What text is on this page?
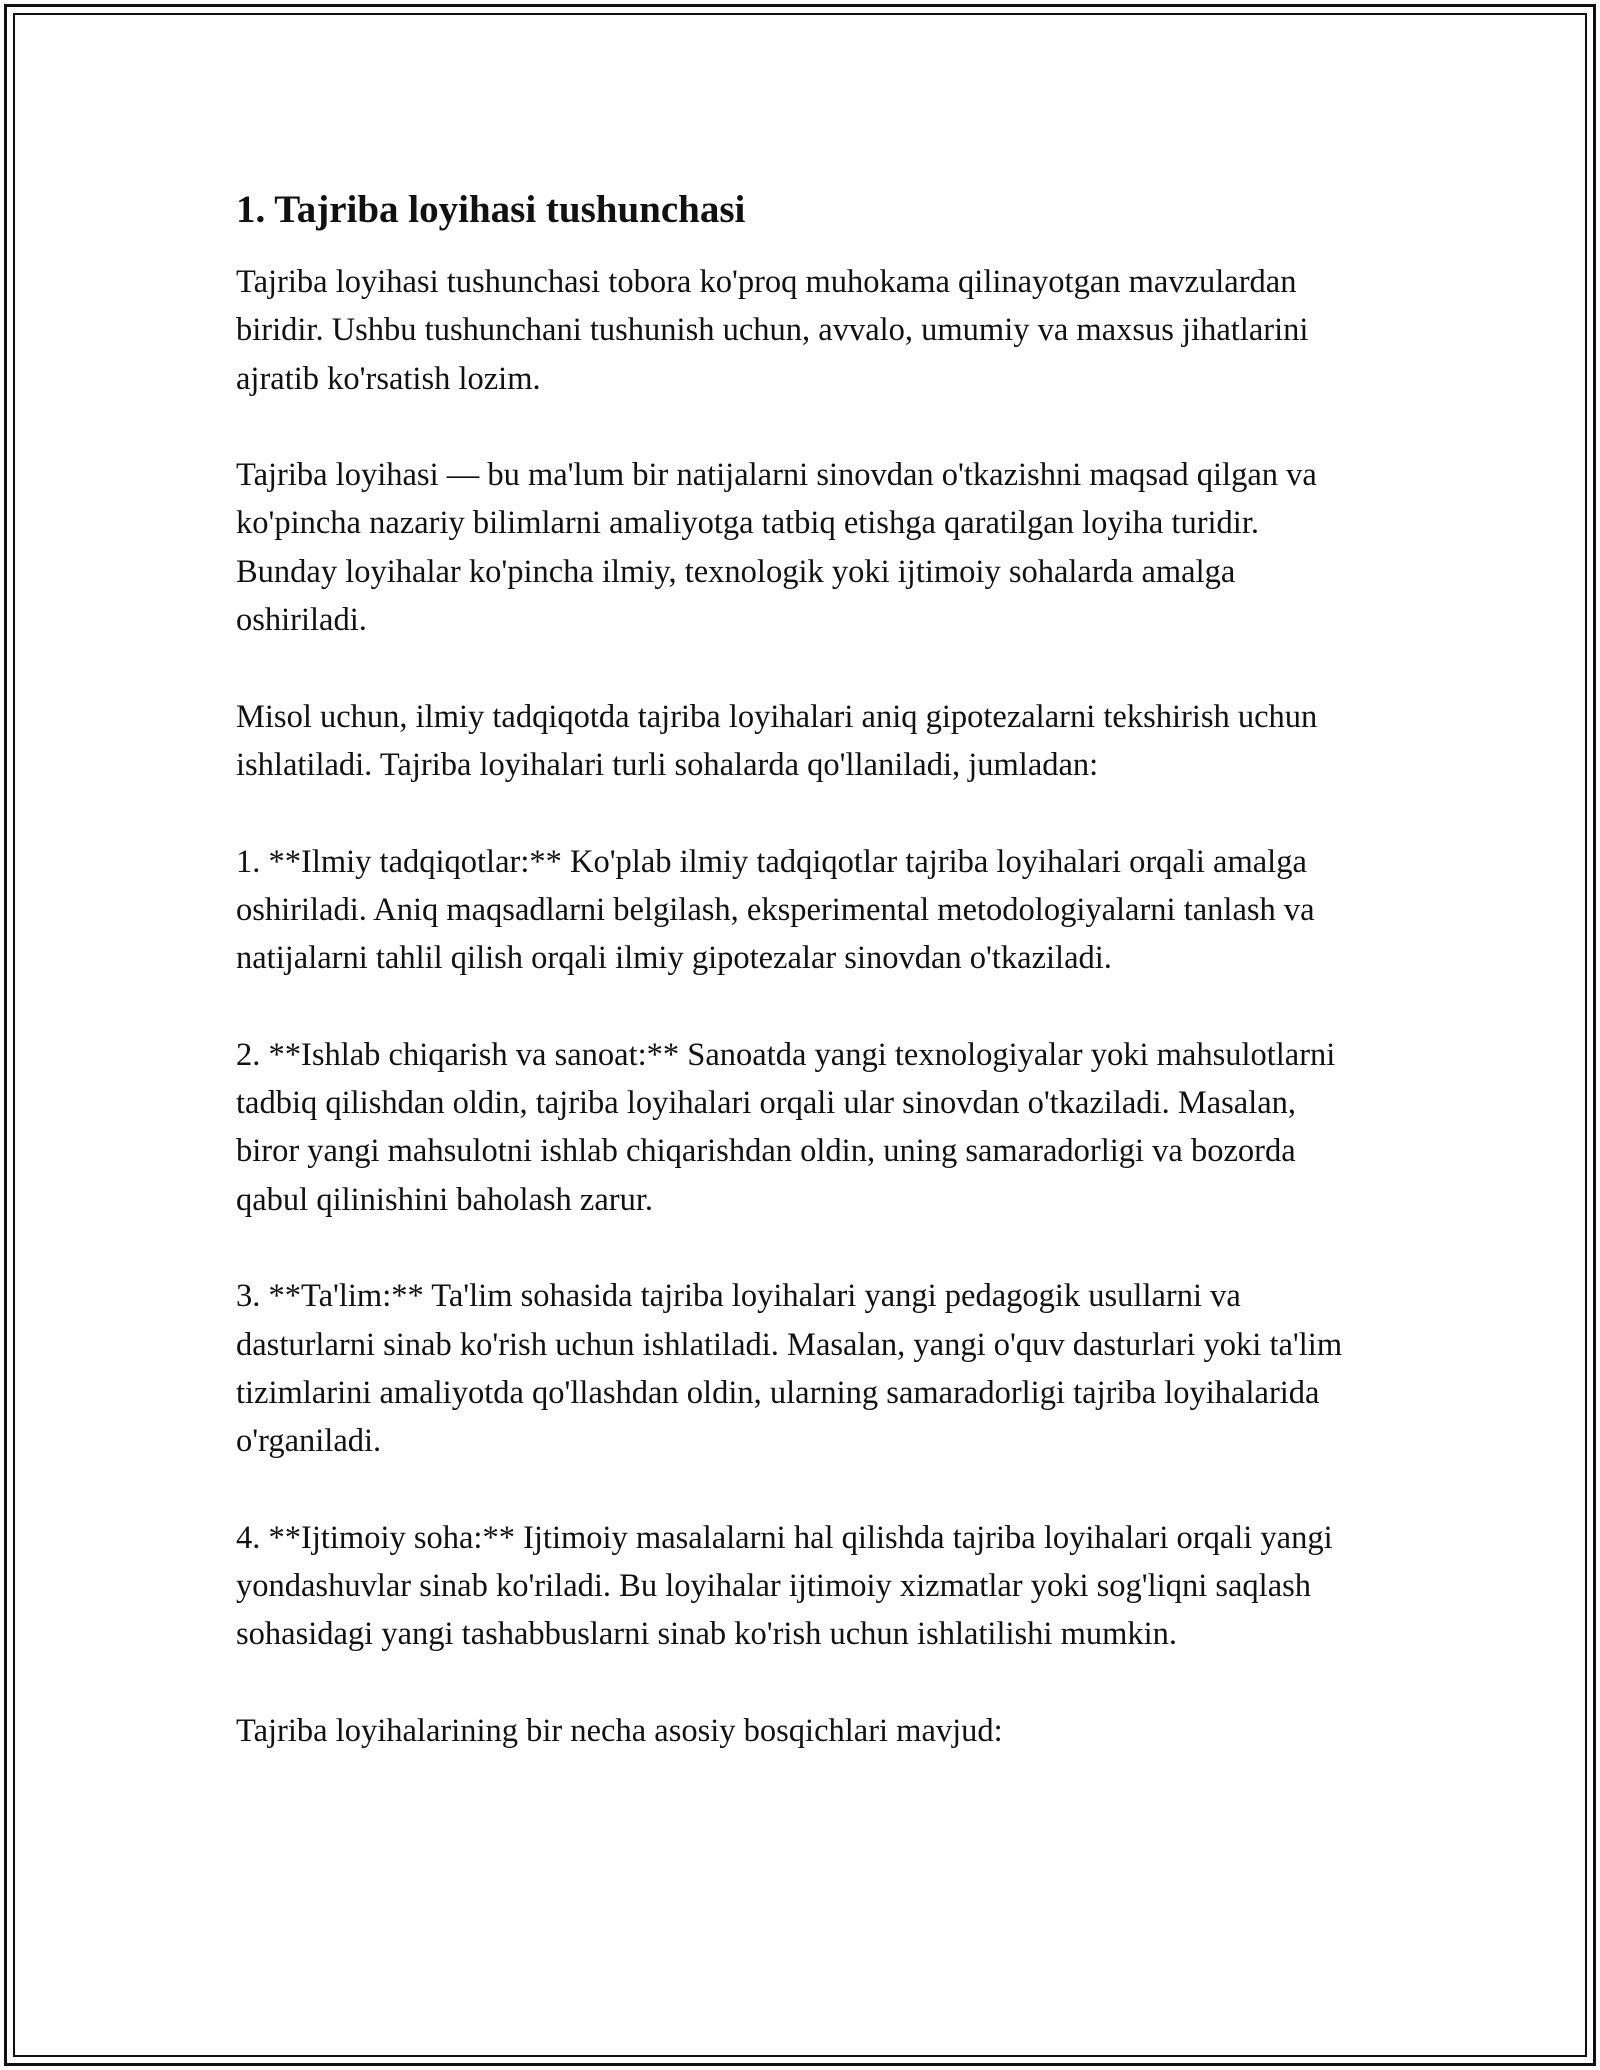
1. Tajriba loyihasi tushunchasi

Tajriba loyihasi tushunchasi tobora ko'proq muhokama qilinayotgan mavzulardan biridir. Ushbu tushunchani tushunish uchun, avvalo, umumiy va maxsus jihatlarini ajratib ko'rsatish lozim.

Tajriba loyihasi — bu ma'lum bir natijalarni sinovdan o'tkazishni maqsad qilgan va ko'pincha nazariy bilimlarni amaliyotga tatbiq etishga qaratilgan loyiha turidir. Bunday loyihalar ko'pincha ilmiy, texnologik yoki ijtimoiy sohalarda amalga oshiriladi.

Misol uchun, ilmiy tadqiqotda tajriba loyihalari aniq gipotezalarni tekshirish uchun ishlatiladi. Tajriba loyihalari turli sohalarda qo'llaniladi, jumladan:

1. **Ilmiy tadqiqotlar:** Ko'plab ilmiy tadqiqotlar tajriba loyihalari orqali amalga oshiriladi. Aniq maqsadlarni belgilash, eksperimental metodologiyalarni tanlash va natijalarni tahlil qilish orqali ilmiy gipotezalar sinovdan o'tkaziladi.

2. **Ishlab chiqarish va sanoat:** Sanoatda yangi texnologiyalar yoki mahsulotlarni tadbiq qilishdan oldin, tajriba loyihalari orqali ular sinovdan o'tkaziladi. Masalan, biror yangi mahsulotni ishlab chiqarishdan oldin, uning samaradorligi va bozorda qabul qilinishini baholash zarur.

3. **Ta'lim:** Ta'lim sohasida tajriba loyihalari yangi pedagogik usullarni va dasturlarni sinab ko'rish uchun ishlatiladi. Masalan, yangi o'quv dasturlari yoki ta'lim tizimlarini amaliyotda qo'llashdan oldin, ularning samaradorligi tajriba loyihalarida o'rganiladi.

4. **Ijtimoiy soha:** Ijtimoiy masalalarni hal qilishda tajriba loyihalari orqali yangi yondashuvlar sinab ko'riladi. Bu loyihalar ijtimoiy xizmatlar yoki sog'liqni saqlash sohasidagi yangi tashabbuslarni sinab ko'rish uchun ishlatilishi mumkin.

Tajriba loyihalarining bir necha asosiy bosqichlari mavjud:
